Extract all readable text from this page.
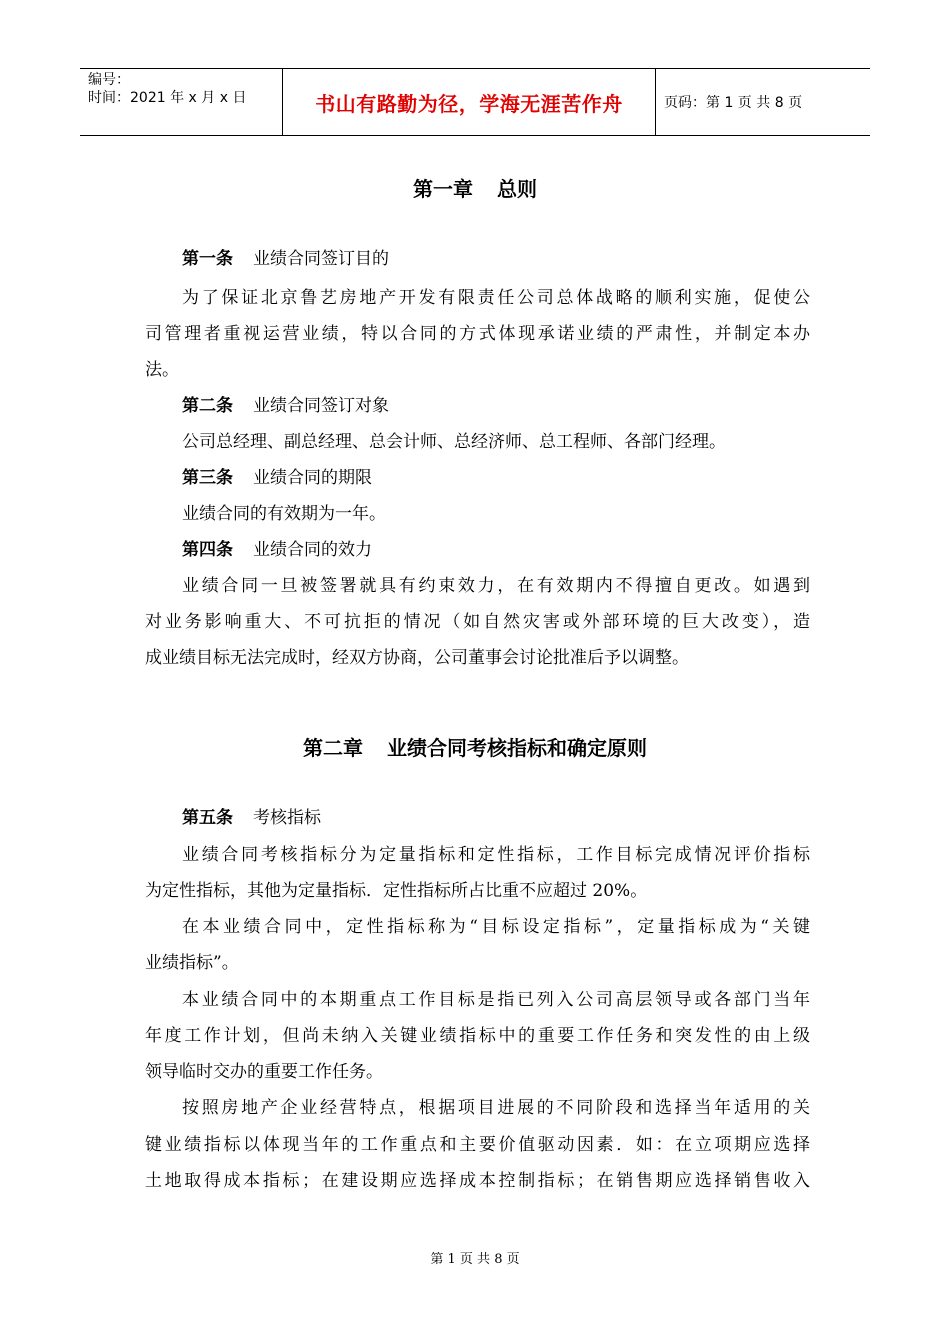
编号：
时间：2021 年 x 月 x 日	书山有路勤为径，学海无涯苦作舟	页码：第 1 页 共 8 页
第一章 总则
第一条 业绩合同签订目的
为了保证北京鲁艺房地产开发有限责任公司总体战略的顺利实施，促使公
司管理者重视运营业绩，特以合同的方式体现承诺业绩的严肃性，并制定本办
法。
第二条 业绩合同签订对象
公司总经理、副总经理、总会计师、总经济师、总工程师、各部门经理。
第三条 业绩合同的期限
业绩合同的有效期为一年。
第四条 业绩合同的效力
业绩合同一旦被签署就具有约束效力，在有效期内不得擅自更改。如遇到
对业务影响重大、不可抗拒的情况（如自然灾害或外部环境的巨大改变），造
成业绩目标无法完成时，经双方协商，公司董事会讨论批准后予以调整。
第二章 业绩合同考核指标和确定原则
第五条 考核指标
业绩合同考核指标分为定量指标和定性指标，工作目标完成情况评价指标
为定性指标，其他为定量指标．定性指标所占比重不应超过 20%。
在本业绩合同中，定性指标称为“目标设定指标”，定量指标成为“关键
业绩指标”。
本业绩合同中的本期重点工作目标是指已列入公司高层领导或各部门当年
年度工作计划，但尚未纳入关键业绩指标中的重要工作任务和突发性的由上级
领导临时交办的重要工作任务。
按照房地产企业经营特点，根据项目进展的不同阶段和选择当年适用的关
键业绩指标以体现当年的工作重点和主要价值驱动因素．如：在立项期应选择
土地取得成本指标；在建设期应选择成本控制指标；在销售期应选择销售收入
第 1 页 共 8 页
